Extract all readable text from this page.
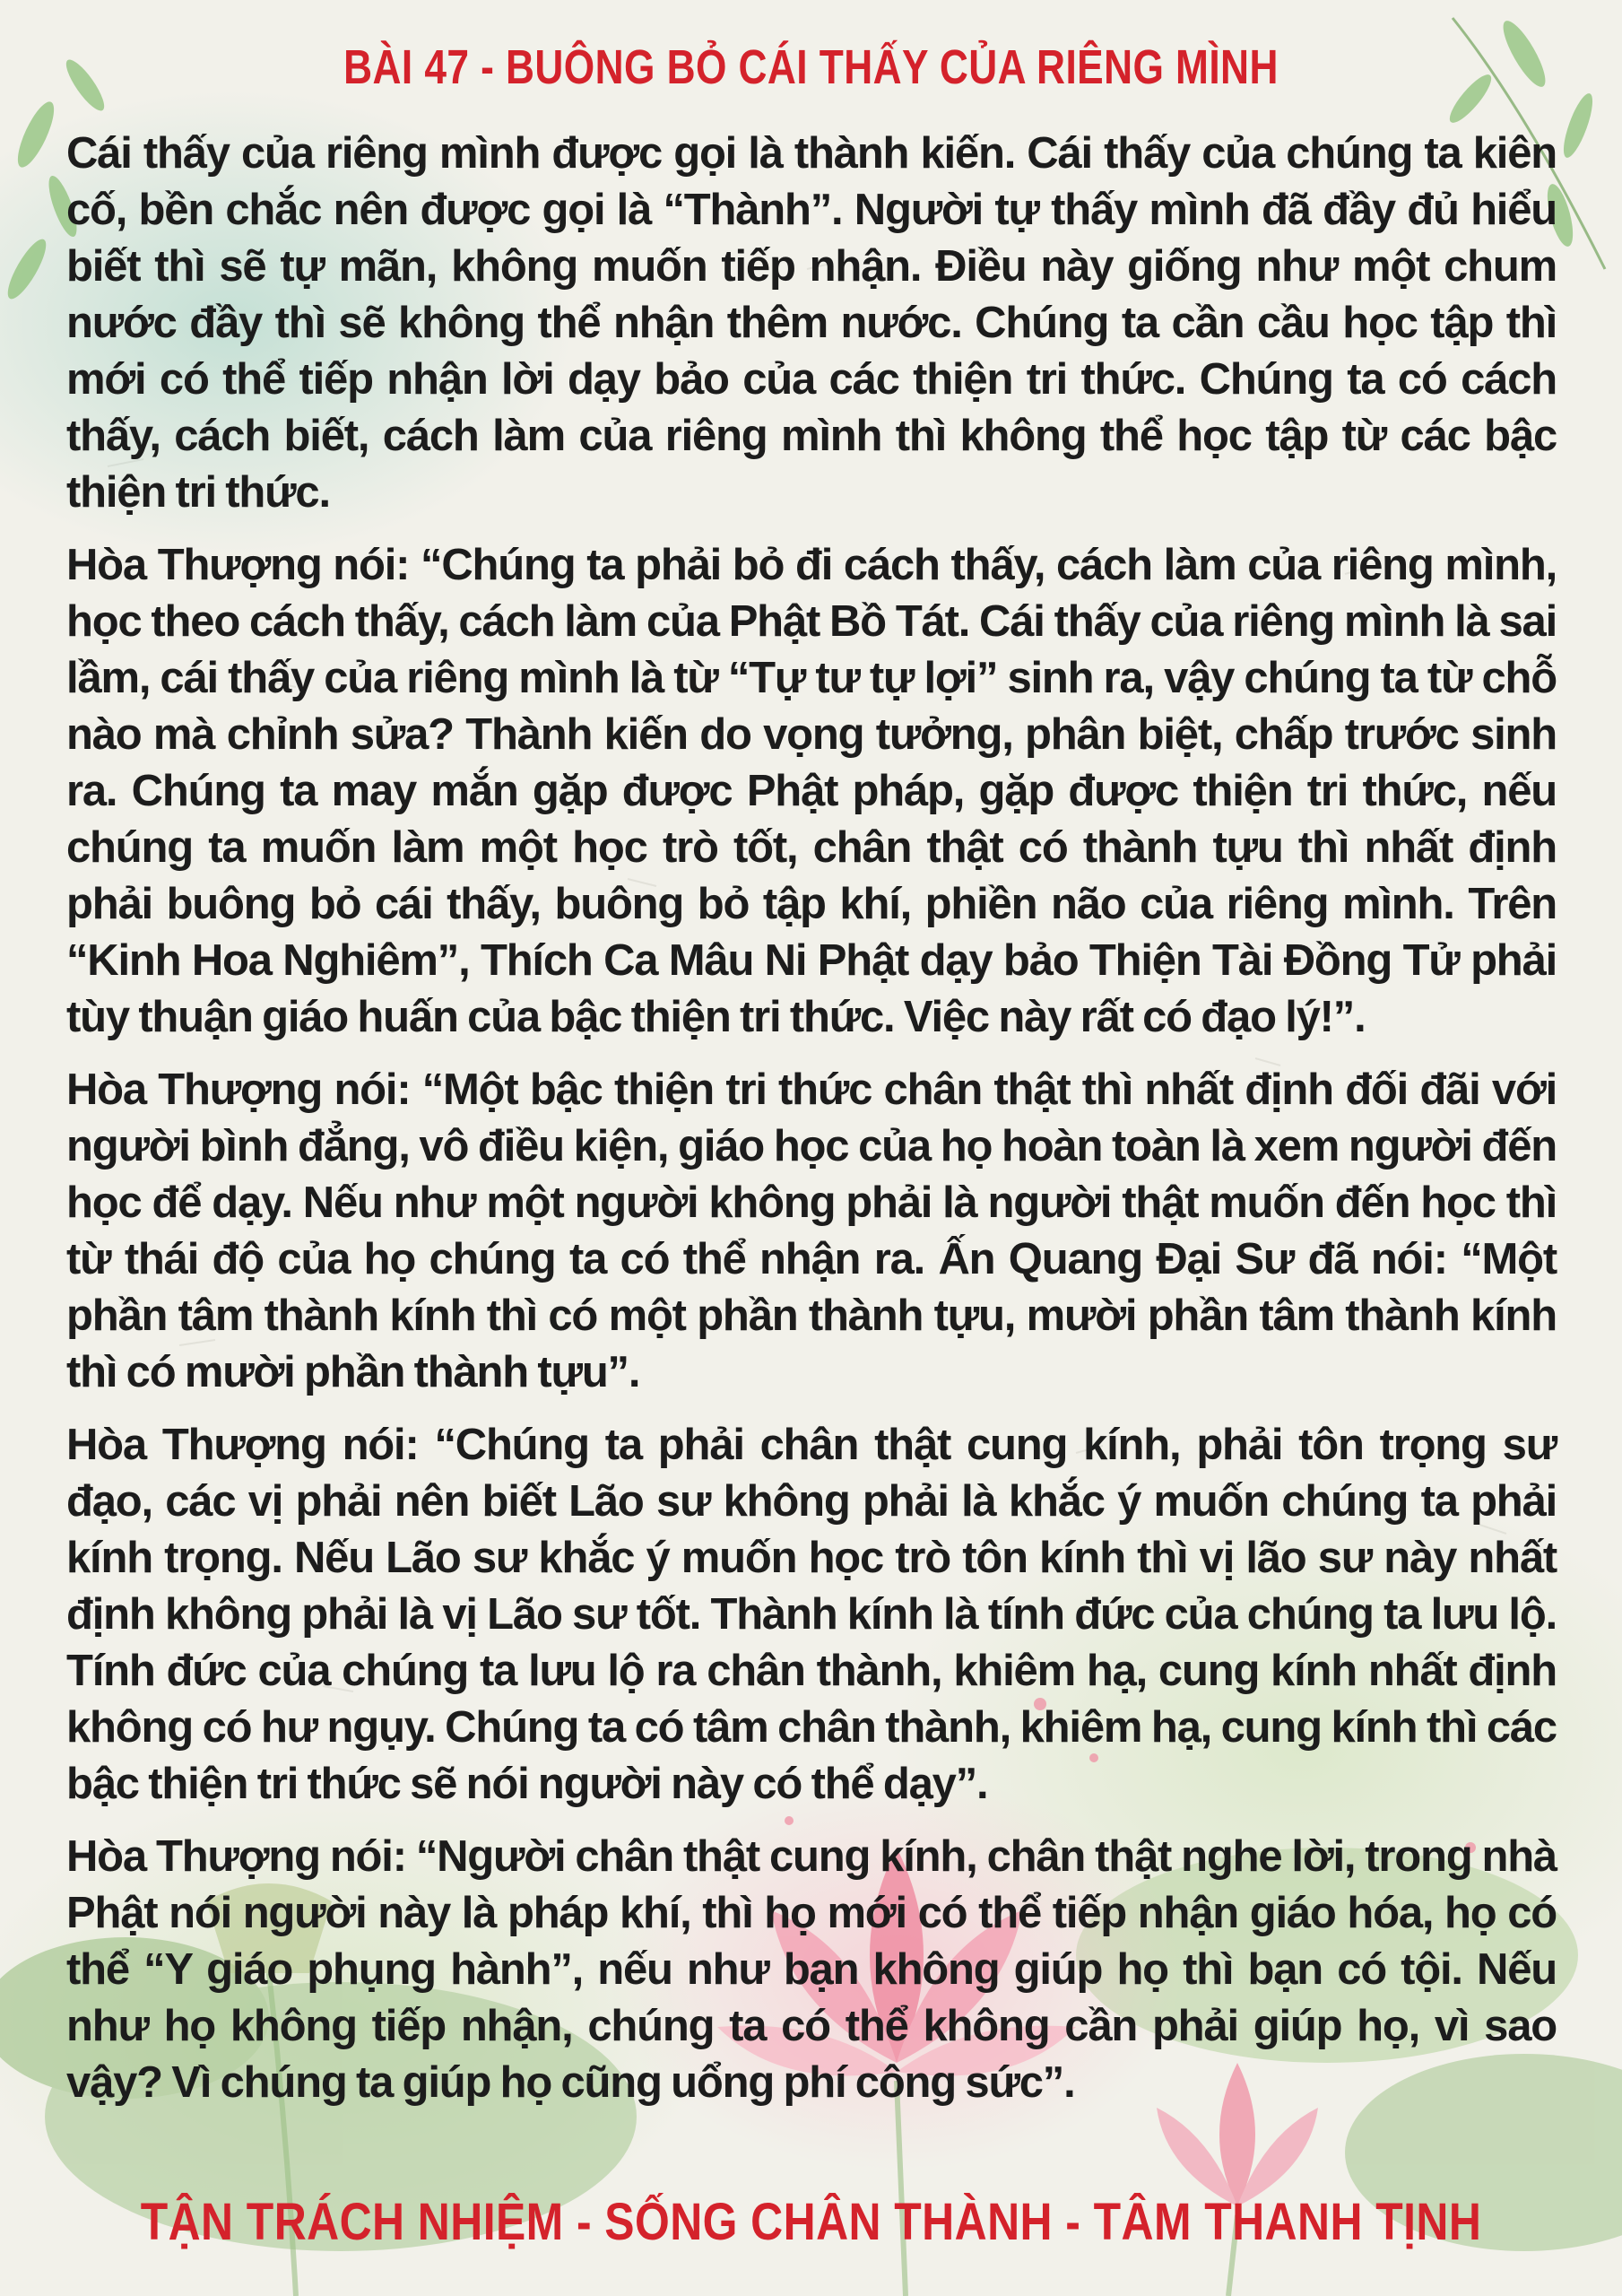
BÀI 47 - BUÔNG BỎ CÁI THẤY CỦA RIÊNG MÌNH

Cái thấy của riêng mình được gọi là thành kiến. Cái thấy của chúng ta kiên cố, bền chắc nên được gọi là “Thành”. Người tự thấy mình đã đầy đủ hiểu biết thì sẽ tự mãn, không muốn tiếp nhận. Điều này giống như một chum nước đầy thì sẽ không thể nhận thêm nước. Chúng ta cần cầu học tập thì mới có thể tiếp nhận lời dạy bảo của các thiện tri thức. Chúng ta có cách thấy, cách biết, cách làm của riêng mình thì không thể học tập từ các bậc thiện tri thức.

Hòa Thượng nói: “Chúng ta phải bỏ đi cách thấy, cách làm của riêng mình, học theo cách thấy, cách làm của Phật Bồ Tát. Cái thấy của riêng mình là sai lầm, cái thấy của riêng mình là từ “Tự tư tự lợi” sinh ra, vậy chúng ta từ chỗ nào mà chỉnh sửa? Thành kiến do vọng tưởng, phân biệt, chấp trước sinh ra. Chúng ta may mắn gặp được Phật pháp, gặp được thiện tri thức, nếu chúng ta muốn làm một học trò tốt, chân thật có thành tựu thì nhất định phải buông bỏ cái thấy, buông bỏ tập khí, phiền não của riêng mình. Trên “Kinh Hoa Nghiêm”, Thích Ca Mâu Ni Phật dạy bảo Thiện Tài Đồng Tử phải tùy thuận giáo huấn của bậc thiện tri thức. Việc này rất có đạo lý!”.

Hòa Thượng nói: “Một bậc thiện tri thức chân thật thì nhất định đối đãi với người bình đẳng, vô điều kiện, giáo học của họ hoàn toàn là xem người đến học để dạy. Nếu như một người không phải là người thật muốn đến học thì từ thái độ của họ chúng ta có thể nhận ra. Ấn Quang Đại Sư đã nói: “Một phần tâm thành kính thì có một phần thành tựu, mười phần tâm thành kính thì có mười phần thành tựu”.

Hòa Thượng nói: “Chúng ta phải chân thật cung kính, phải tôn trọng sư đạo, các vị phải nên biết Lão sư không phải là khắc ý muốn chúng ta phải kính trọng. Nếu Lão sư khắc ý muốn học trò tôn kính thì vị lão sư này nhất định không phải là vị Lão sư tốt. Thành kính là tính đức của chúng ta lưu lộ. Tính đức của chúng ta lưu lộ ra chân thành, khiêm hạ, cung kính nhất định không có hư ngụy. Chúng ta có tâm chân thành, khiêm hạ, cung kính thì các bậc thiện tri thức sẽ nói người này có thể dạy”.

Hòa Thượng nói: “Người chân thật cung kính, chân thật nghe lời, trong nhà Phật nói người này là pháp khí, thì họ mới có thể tiếp nhận giáo hóa, họ có thể “Y giáo phụng hành”, nếu như bạn không giúp họ thì bạn có tội. Nếu như họ không tiếp nhận, chúng ta có thể không cần phải giúp họ, vì sao vậy? Vì chúng ta giúp họ cũng uổng phí công sức”.

TẬN TRÁCH NHIỆM - SỐNG CHÂN THÀNH - TÂM THANH TỊNH
